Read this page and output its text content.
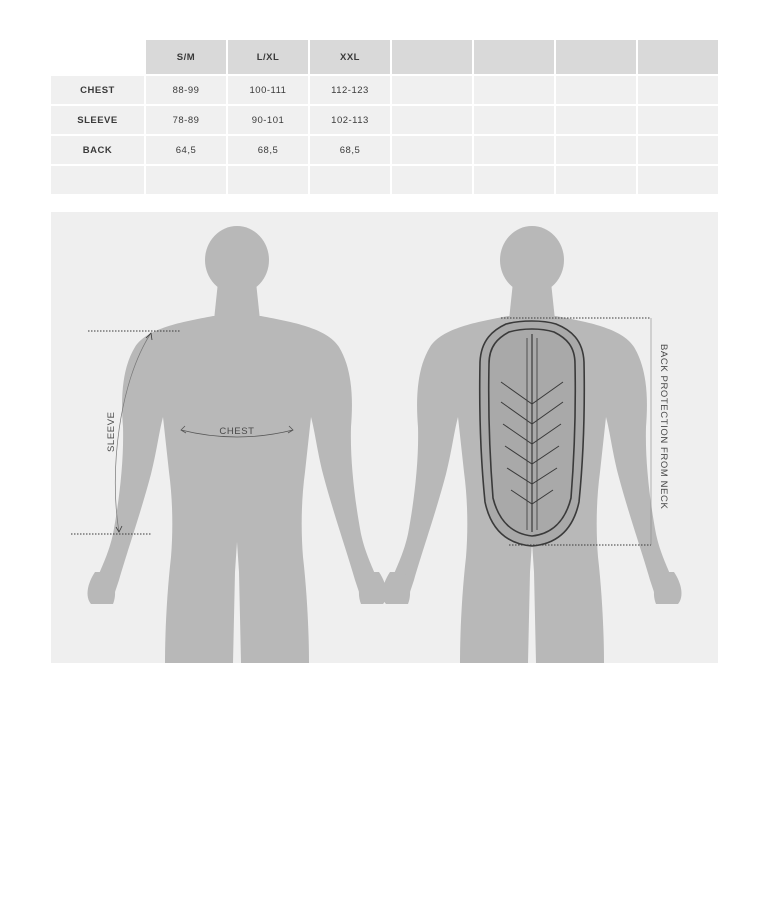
	S/M	L/XL	XXL				
CHEST	88-99	100-111	112-123				
SLEEVE	78-89	90-101	102-113				
BACK	64,5	68,5	68,5				

SLEEVE	CHEST	BACK PROTECTION FROM NECK
